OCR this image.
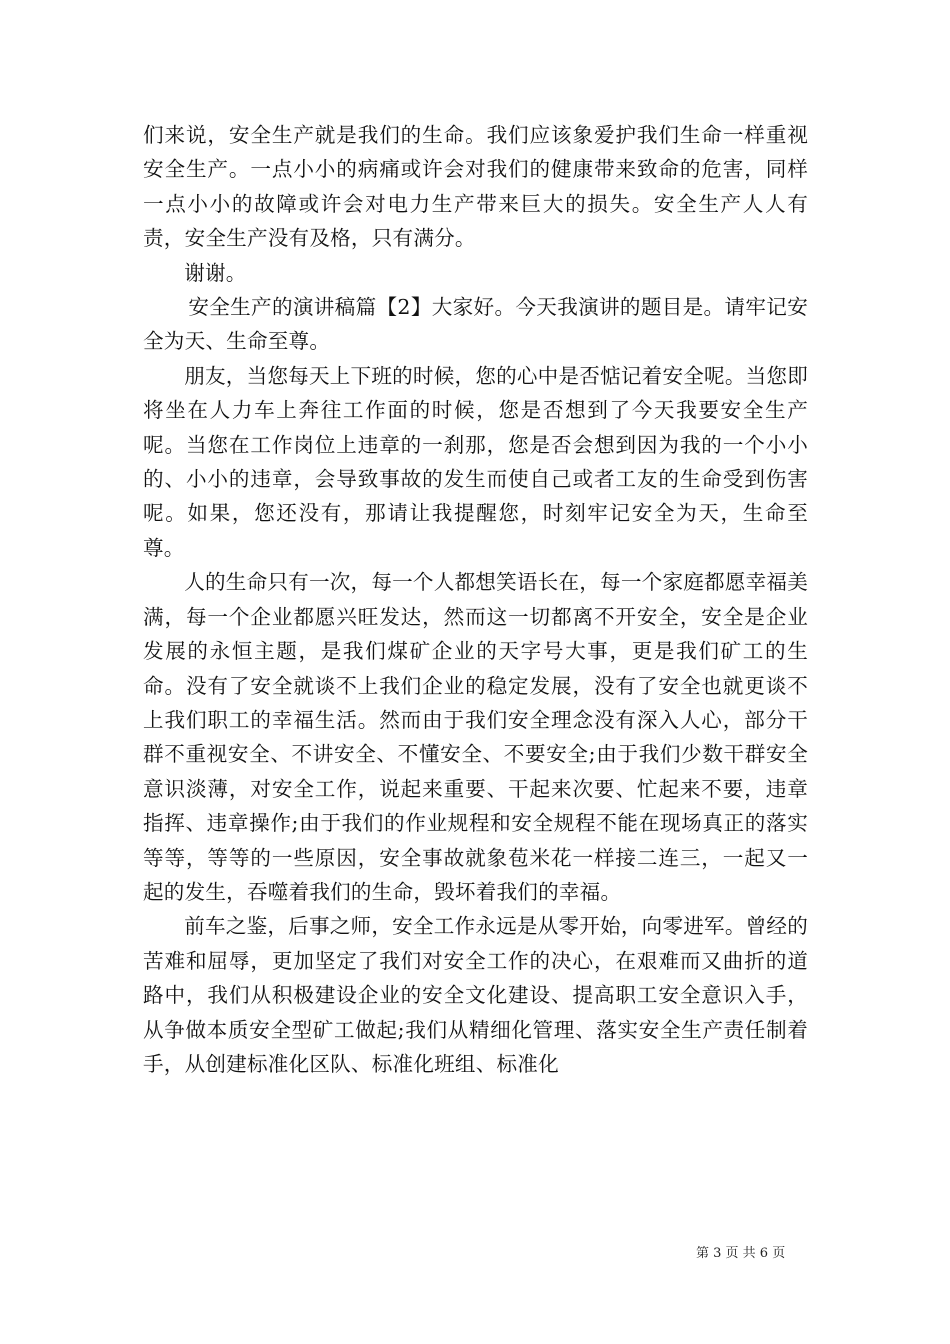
们来说，安全生产就是我们的生命。我们应该象爱护我们生命一样重视安全生产。一点小小的病痛或许会对我们的健康带来致命的危害，同样一点小小的故障或许会对电力生产带来巨大的损失。安全生产人人有责，安全生产没有及格，只有满分。

谢谢。

安全生产的演讲稿篇【2】大家好。今天我演讲的题目是。请牢记安全为天、生命至尊。

朋友，当您每天上下班的时候，您的心中是否惦记着安全呢。当您即将坐在人力车上奔往工作面的时候，您是否想到了今天我要安全生产呢。当您在工作岗位上违章的一刹那，您是否会想到因为我的一个小小的、小小的违章，会导致事故的发生而使自己或者工友的生命受到伤害呢。如果，您还没有，那请让我提醒您，时刻牢记安全为天，生命至尊。

人的生命只有一次，每一个人都想笑语长在，每一个家庭都愿幸福美满，每一个企业都愿兴旺发达，然而这一切都离不开安全，安全是企业发展的永恒主题，是我们煤矿企业的天字号大事，更是我们矿工的生命。没有了安全就谈不上我们企业的稳定发展，没有了安全也就更谈不上我们职工的幸福生活。然而由于我们安全理念没有深入人心，部分干群不重视安全、不讲安全、不懂安全、不要安全;由于我们少数干群安全意识淡薄，对安全工作，说起来重要、干起来次要、忙起来不要，违章指挥、违章操作;由于我们的作业规程和安全规程不能在现场真正的落实等等，等等的一些原因，安全事故就象苞米花一样接二连三，一起又一起的发生，吞噬着我们的生命，毁坏着我们的幸福。

前车之鉴，后事之师，安全工作永远是从零开始，向零进军。曾经的苦难和屈辱，更加坚定了我们对安全工作的决心，在艰难而又曲折的道路中，我们从积极建设企业的安全文化建设、提高职工安全意识入手，从争做本质安全型矿工做起;我们从精细化管理、落实安全生产责任制着手，从创建标准化区队、标准化班组、标准化

第 3 页 共 6 页
